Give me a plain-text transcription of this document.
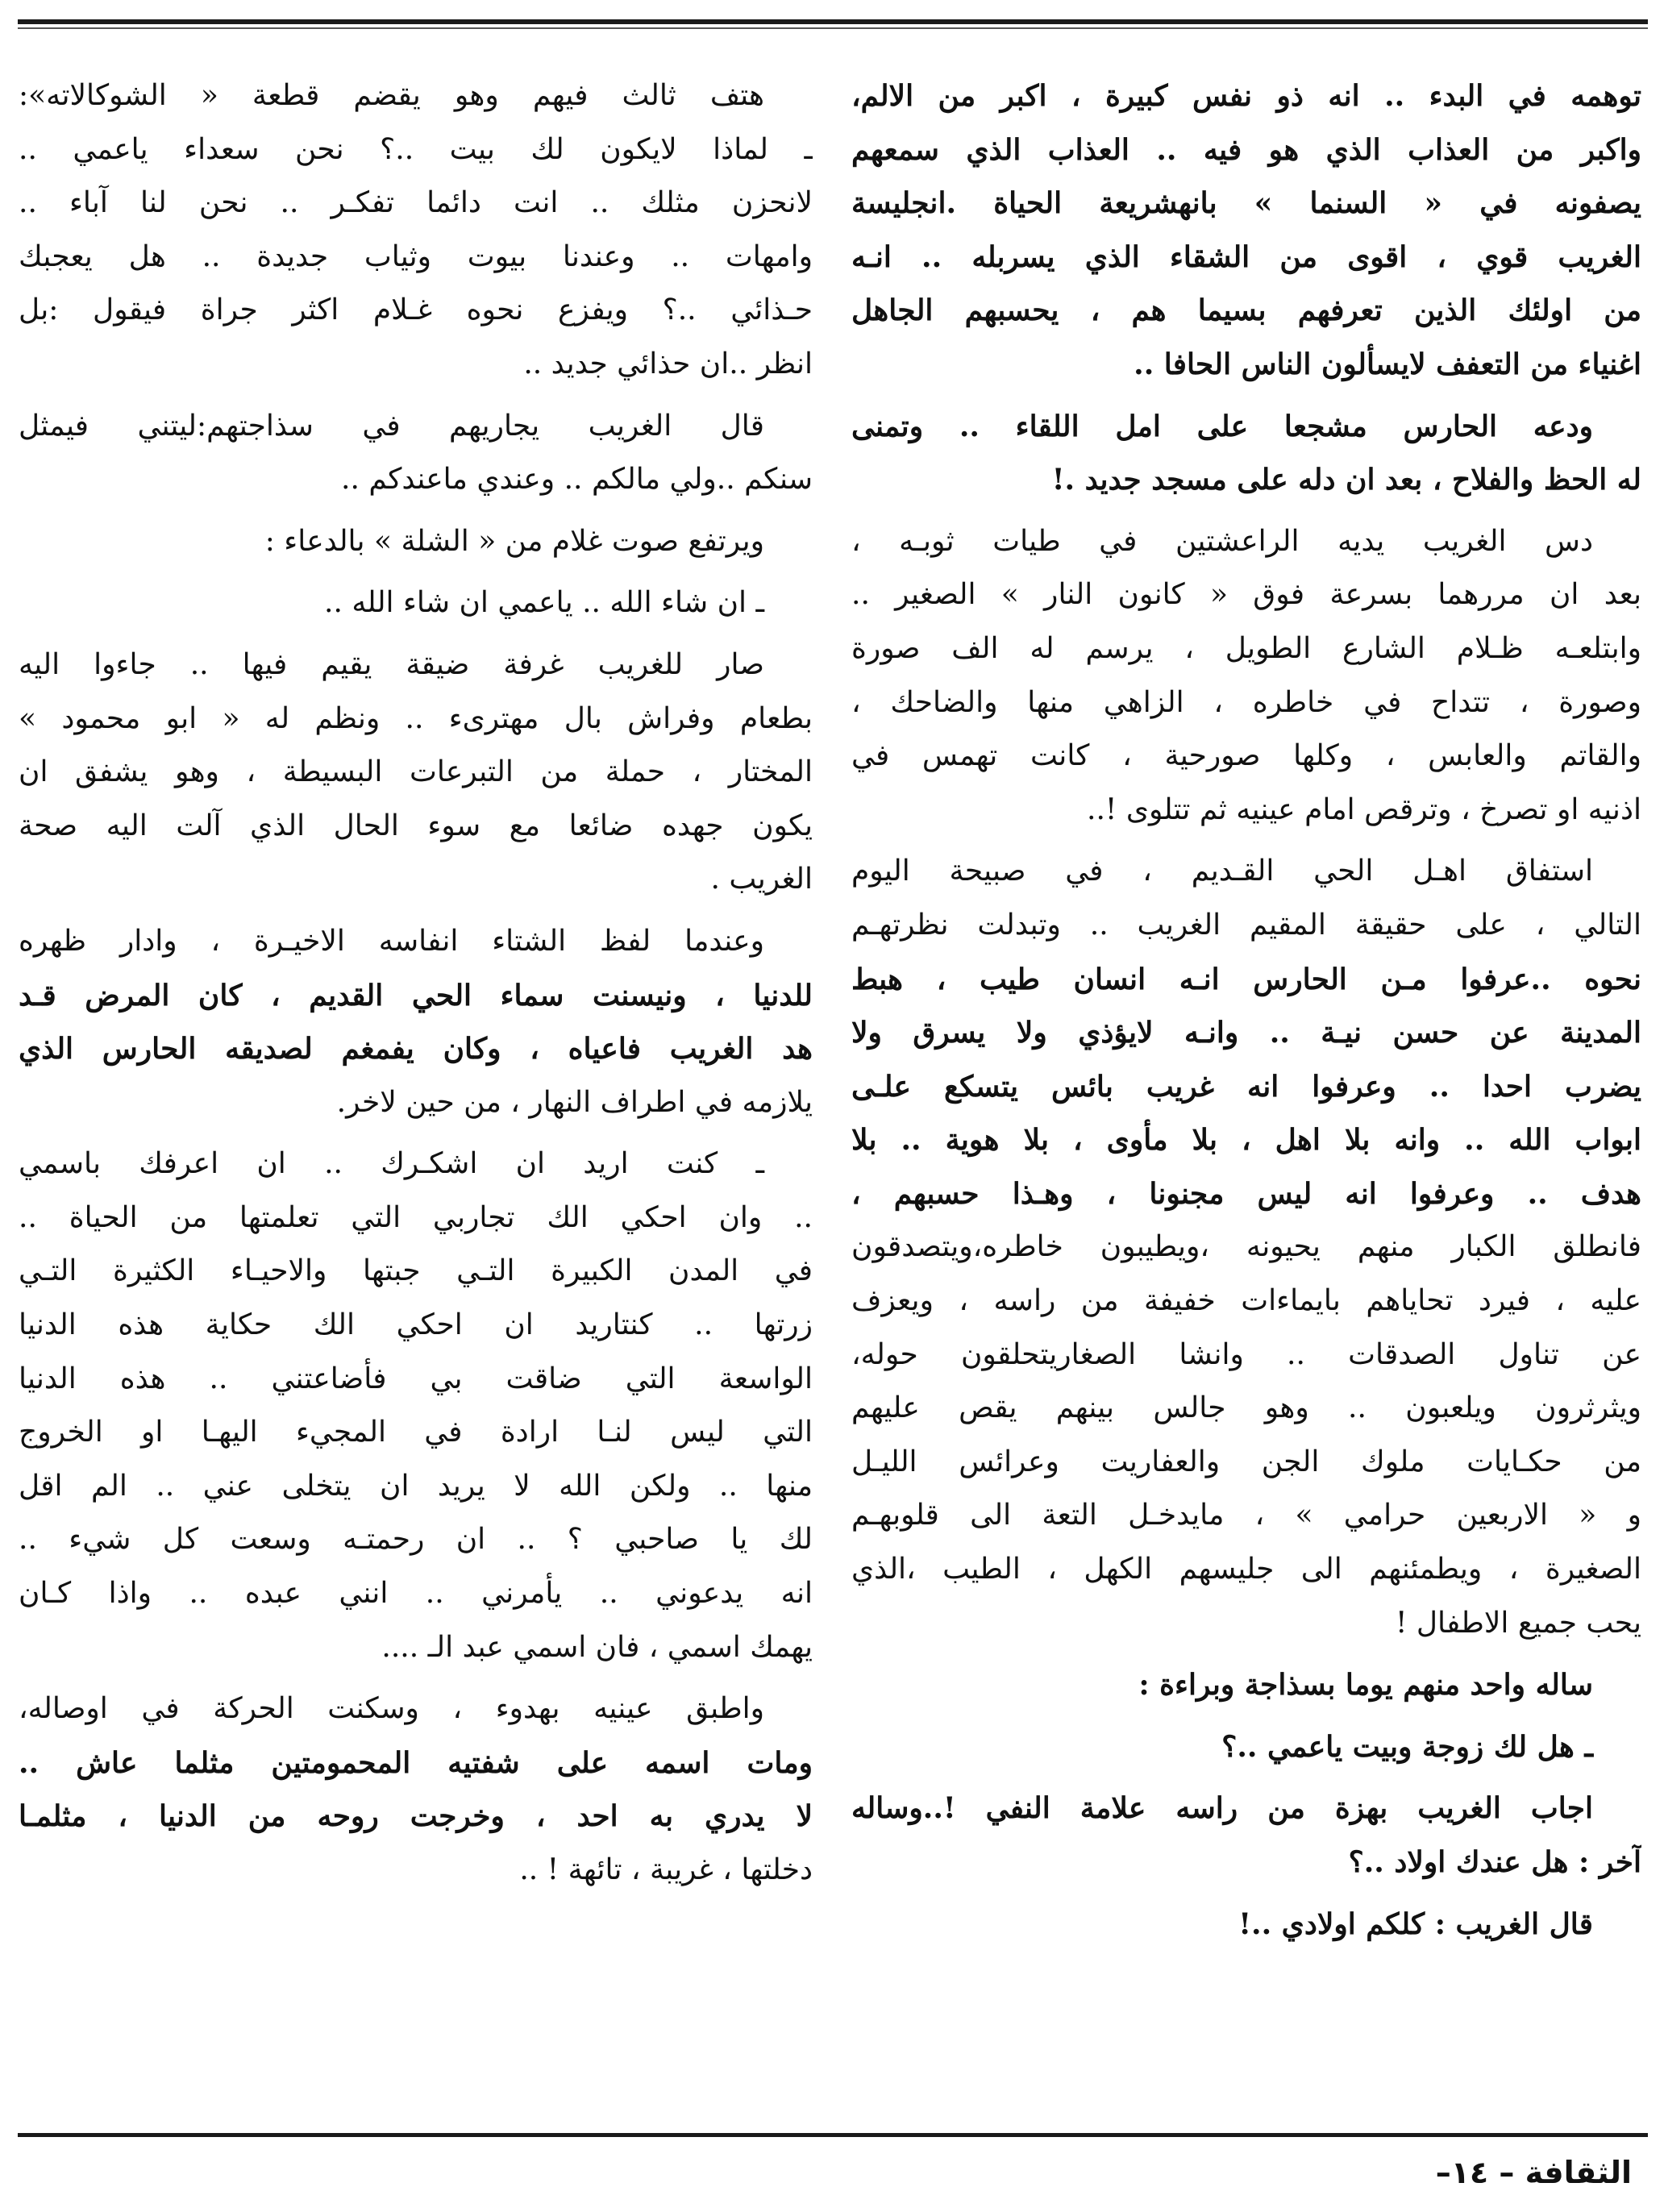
توهمه في البدء .. انه ذو نفس كبيرة ، اكبر من الالم،
واكبر من العذاب الذي هو فيه .. العذاب الذي سمعهم
يصفونه في « السنما » بانهشريعة الحياة .انجليسة
الغريب قوي ، اقوى من الشقاء الذي يسربله .. انـه
من اولئك الذين تعرفهم بسيما هم ، يحسبهم الجاهل
اغنياء من التعفف لايسألون الناس الحافا ..
ودعه الحارس مشجعا على امل اللقاء .. وتمنى
له الحظ والفلاح ، بعد ان دله على مسجد جديد .!
دس الغريب يديه الراعشتين في طيات ثوبـه ،
بعد ان مررهما بسرعة فوق « كانون النار » الصغير ..
وابتلعـه ظـلام الشارع الطويل ، يرسم له الف صورة
وصورة ، تتداح في خاطره ، الزاهي منها والضاحك ،
والقاتم والعابس ، وكلها صورحية ، كانت تهمس في
اذنيه او تصرخ ، وترقص امام عينيه ثم تتلوى !..
استفاق اهـل الحي القـديم ، في صبيحة اليوم
التالي ، على حقيقة المقيم الغريب .. وتبدلت نظرتهـم
نحوه ..عرفوا مـن الحارس انـه انسان طيب ، هبط
المدينة عن حسن نيـة .. وانـه لايؤذي ولا يسرق ولا
يضرب احدا .. وعرفوا انه غريب بائس يتسكع علـى
ابواب الله .. وانه بلا اهل ، بلا مأوى ، بلا هوية .. بلا
هدف .. وعرفوا انه ليس مجنونا ، وهـذا حسبهم ،
فانطلق الكبار منهم يحيونه ،ويطيبون خاطره،ويتصدقون
عليه ، فيرد تحاياهم بايماءات خفيفة من راسه ، ويعزف
عن تناول الصدقات .. وانشا الصغاريتحلقون حوله،
ويثرثرون ويلعبون .. وهو جالس بينهم يقص عليهم
من حكـايات ملوك الجن والعفاريت وعرائس الليـل
و « الاربعين حرامي » ، مايدخـل التعة الى قلوبهـم
الصغيرة ، ويطمئنهم الى جليسهم الكهل ، الطيب ،الذي
يحب جميع الاطفال !
ساله واحد منهم يوما بسذاجة وبراءة :
ـ هل لك زوجة وبيت ياعمي ..؟
اجاب الغريب بهزة من راسه علامة النفي !..وساله
آخر : هل عندك اولاد ..؟
قال الغريب : كلكم اولادي ..!
هتف ثالث فيهم وهو يقضم قطعة « الشوكالاته»:
ـ لماذا لايكون لك بيت ..؟ نحن سعداء ياعمي ..
لانحزن مثلك .. انت دائما تفكـر .. نحن لنا آباء ..
وامهات .. وعندنا بيوت وثياب جديدة .. هل يعجبك
حـذائي ..؟ ويفزع نحوه غـلام اكثر جراة فيقول :بل
انظر ..ان حذائي جديد ..
قال الغريب يجاريهم في سذاجتهم:ليتني فيمثل
سنكم ..ولي مالكم .. وعندي ماعندكم ..
ويرتفع صوت غلام من « الشلة » بالدعاء :
ـ ان شاء الله .. ياعمي ان شاء الله ..
صار للغريب غرفة ضيقة يقيم فيها .. جاءوا اليه
بطعام وفراش بال مهترىء .. ونظم له « ابو محمود »
المختار ، حملة من التبرعات البسيطة ، وهو يشفق ان
يكون جهده ضائعا مع سوء الحال الذي آلت اليه صحة
الغريب .
وعندما لفظ الشتاء انفاسه الاخيـرة ، وادار ظهره
للدنيا ، ونيسنت سماء الحي القديم ، كان المرض قـد
هد الغريب فاعياه ، وكان يفمغم لصديقه الحارس الذي
يلازمه في اطراف النهار ، من حين لاخر.
ـ كنت اريد ان اشكـرك .. ان اعرفك باسمي
.. وان احكي الك تجاربي التي تعلمتها من الحياة ..
في المدن الكبيرة التـي جبتها والاحيـاء الكثيرة التـي
زرتها .. كنتاريد ان احكي الك حكاية هذه الدنيا
الواسعة التي ضاقت بي فأضاعتني .. هذه الدنيا
التي ليس لنـا ارادة في المجيء اليهـا او الخروج
منها .. ولكن الله لا يريد ان يتخلى عني .. الم اقل
لك يا صاحبي ؟ .. ان رحمتـه وسعت كل شيء ..
انه يدعوني .. يأمرني .. انني عبده .. واذا كـان
يهمك اسمي ، فان اسمي عبد الـ ....
واطبق عينيه بهدوء ، وسكنت الحركة في اوصاله،
ومات اسمه على شفتيه المحمومتين مثلما عاش ..
لا يدري به احد ، وخرجت روحه من الدنيا ، مثلمـا
دخلتها ، غريبة ، تائهة ! ..
الثقافة – ١٤–
